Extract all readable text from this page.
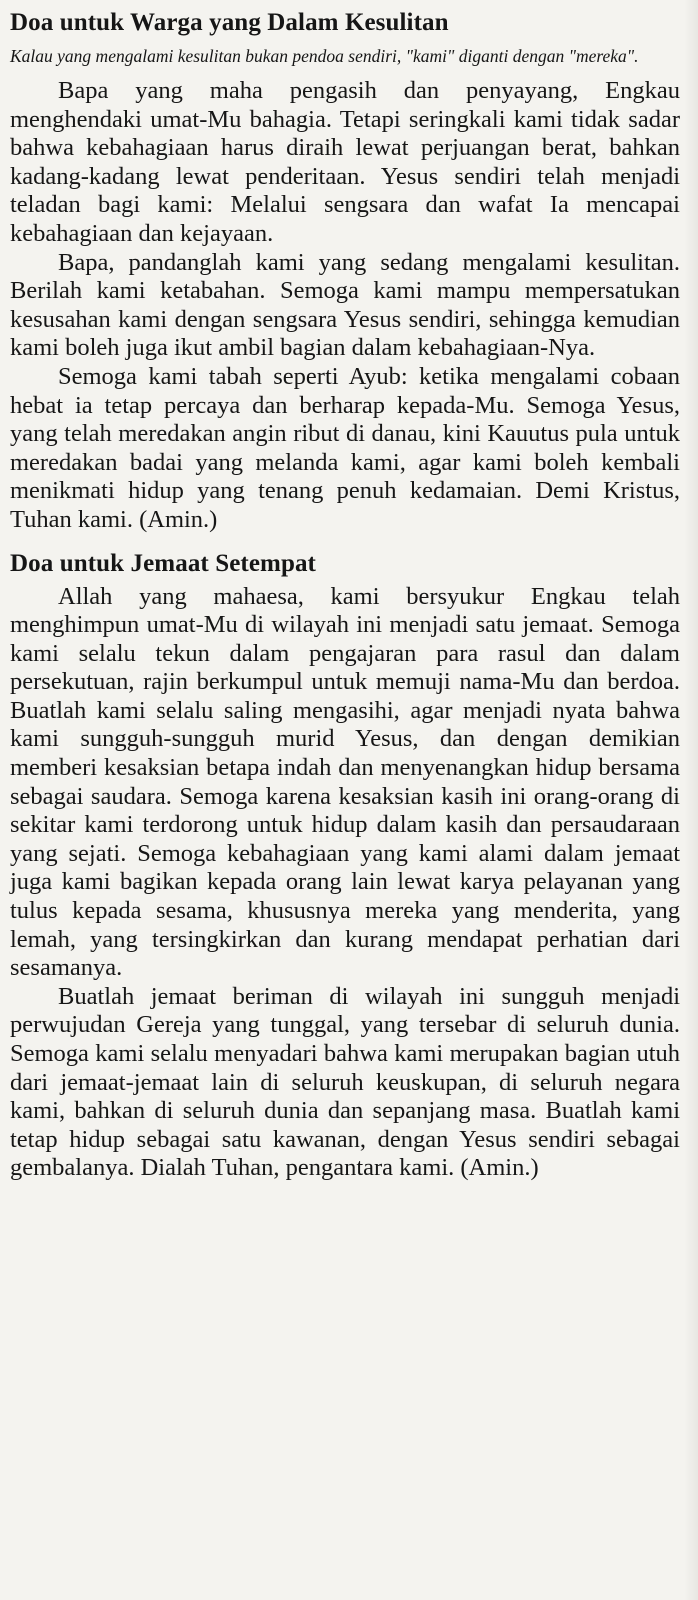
Doa untuk Warga yang Dalam Kesulitan

Kalau yang mengalami kesulitan bukan pendoa sendiri, "kami" diganti dengan "mereka".

Bapa yang maha pengasih dan penyayang, Engkau menghendaki umat-Mu bahagia. Tetapi seringkali kami tidak sadar bahwa kebahagiaan harus diraih lewat perjuangan berat, bahkan kadang-kadang lewat penderitaan. Yesus sendiri telah menjadi teladan bagi kami: Melalui sengsara dan wafat Ia mencapai kebahagiaan dan kejayaan.

Bapa, pandanglah kami yang sedang mengalami kesulitan. Berilah kami ketabahan. Semoga kami mampu mempersatukan kesusahan kami dengan sengsara Yesus sendiri, sehingga kemudian kami boleh juga ikut ambil bagian dalam kebahagiaan-Nya.

Semoga kami tabah seperti Ayub: ketika mengalami cobaan hebat ia tetap percaya dan berharap kepada-Mu. Semoga Yesus, yang telah meredakan angin ribut di danau, kini Kauutus pula untuk meredakan badai yang melanda kami, agar kami boleh kembali menikmati hidup yang tenang penuh kedamaian. Demi Kristus, Tuhan kami. (Amin.)

Doa untuk Jemaat Setempat

Allah yang mahaesa, kami bersyukur Engkau telah menghimpun umat-Mu di wilayah ini menjadi satu jemaat. Semoga kami selalu tekun dalam pengajaran para rasul dan dalam persekutuan, rajin berkumpul untuk memuji nama-Mu dan berdoa. Buatlah kami selalu saling mengasihi, agar menjadi nyata bahwa kami sungguh-sungguh murid Yesus, dan dengan demikian memberi kesaksian betapa indah dan menyenangkan hidup bersama sebagai saudara. Semoga karena kesaksian kasih ini orang-orang di sekitar kami terdorong untuk hidup dalam kasih dan persaudaraan yang sejati. Semoga kebahagiaan yang kami alami dalam jemaat juga kami bagikan kepada orang lain lewat karya pelayanan yang tulus kepada sesama, khususnya mereka yang menderita, yang lemah, yang tersingkirkan dan kurang mendapat perhatian dari sesamanya.

Buatlah jemaat beriman di wilayah ini sungguh menjadi perwujudan Gereja yang tunggal, yang tersebar di seluruh dunia. Semoga kami selalu menyadari bahwa kami merupakan bagian utuh dari jemaat-jemaat lain di seluruh keuskupan, di seluruh negara kami, bahkan di seluruh dunia dan sepanjang masa. Buatlah kami tetap hidup sebagai satu kawanan, dengan Yesus sendiri sebagai gembalanya. Dialah Tuhan, pengantara kami. (Amin.)
